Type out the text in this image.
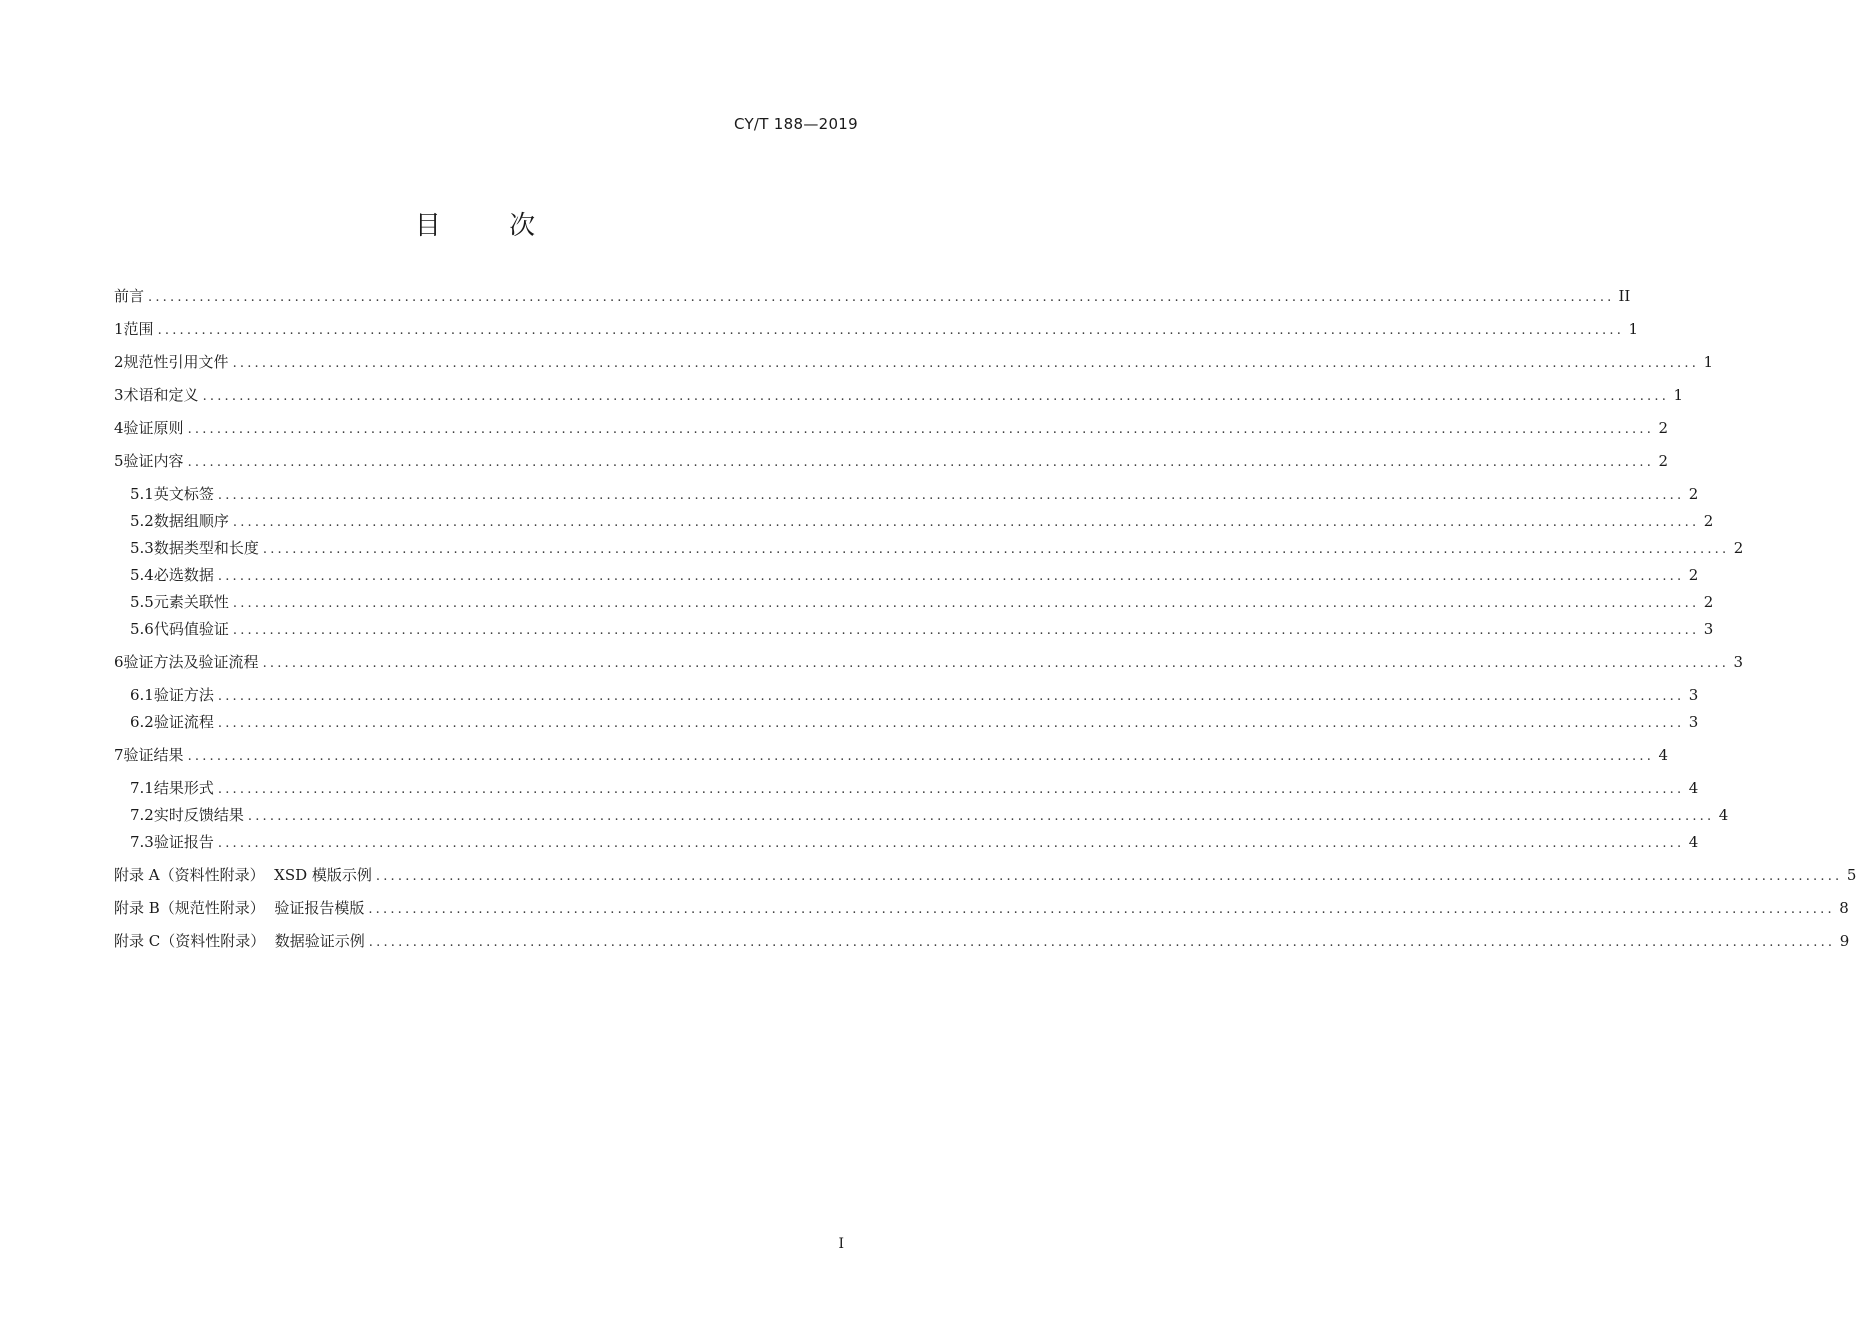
CY/T 188—2019
目 次
前言 ........................................................................................................................................................................................................ II
1 范围 ........................................................................................................................................................................................................ 1
2 规范性引用文件 ........................................................................................................................................................................................................ 1
3 术语和定义 ........................................................................................................................................................................................................ 1
4 验证原则 ........................................................................................................................................................................................................ 2
5 验证内容 ........................................................................................................................................................................................................ 2
5.1 英文标签 ........................................................................................................................................................................................................ 2
5.2 数据组顺序 ........................................................................................................................................................................................................ 2
5.3 数据类型和长度 ........................................................................................................................................................................................................ 2
5.4 必选数据 ........................................................................................................................................................................................................ 2
5.5 元素关联性 ........................................................................................................................................................................................................ 2
5.6 代码值验证 ........................................................................................................................................................................................................ 3
6 验证方法及验证流程 ........................................................................................................................................................................................................ 3
6.1 验证方法 ........................................................................................................................................................................................................ 3
6.2 验证流程 ........................................................................................................................................................................................................ 3
7 验证结果 ........................................................................................................................................................................................................ 4
7.1 结果形式 ........................................................................................................................................................................................................ 4
7.2 实时反馈结果 ........................................................................................................................................................................................................ 4
7.3 验证报告 ........................................................................................................................................................................................................ 4
附录 A（资料性附录）  XSD 模版示例 ........................................................................................................................................................................................................ 5
附录 B（规范性附录）  验证报告模版 ........................................................................................................................................................................................................ 8
附录 C（资料性附录）  数据验证示例 ........................................................................................................................................................................................................ 9
I
